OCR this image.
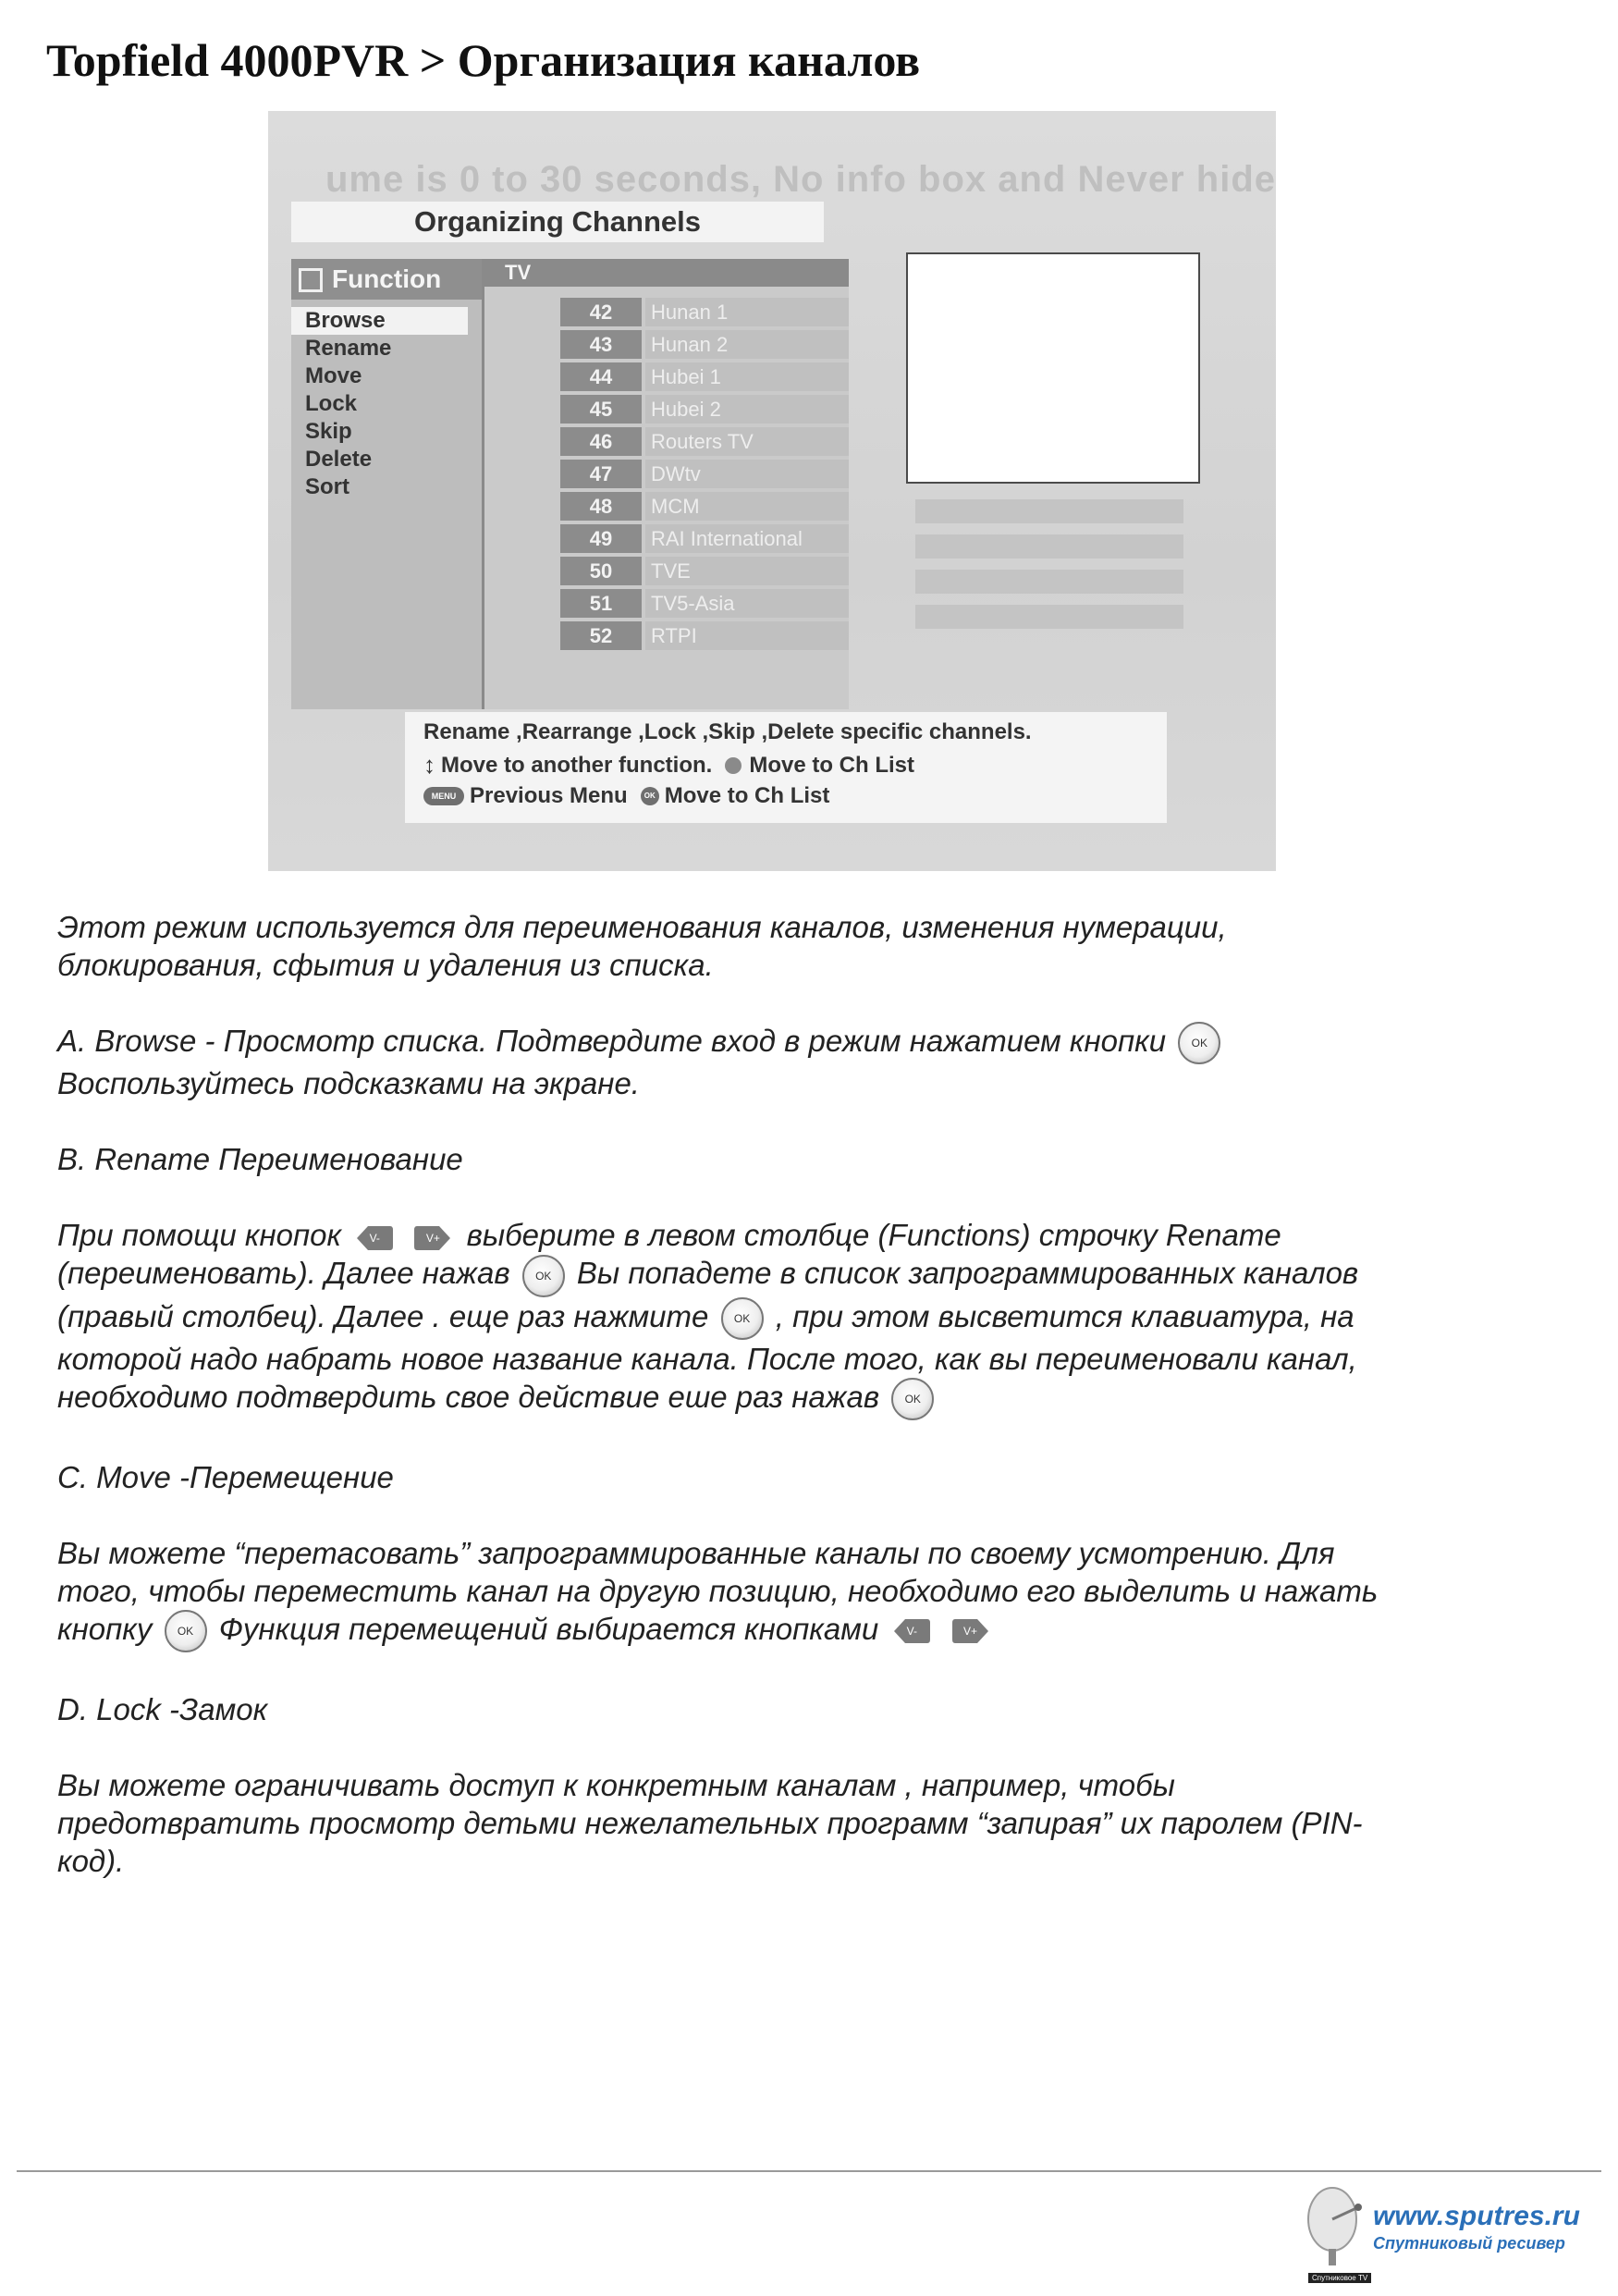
Topfield 4000PVR > Организация каналов
ume is 0 to 30 seconds, No info box and Never hide
Organizing Channels
Function
Browse
Rename
Move
Lock
Skip
Delete
Sort
TV
42	Hunan 1
43	Hunan 2
44	Hubei 1
45	Hubei 2
46	Routers TV
47	DWtv
48	MCM
49	RAI International
50	TVE
51	TV5-Asia
52	RTPI
Rename ,Rearrange ,Lock ,Skip ,Delete specific channels.
↕ Move to another function. Move to Ch List
MENU Previous Menu OK Move to Ch List

Этот режим используется для переименования каналов, изменения нумерации,

блокирования, сфытия и удаления из списка.

A. Browse - Просмотр списка. Подтвердите вход в режим нажатием кнопки OK

Воспользуйтесь подсказками на экране.

B. Rename Переименование

При помощи кнопок	V-
	V+ выберите в левом столбце (Functions) строчку Rename

(переименовать). Далее нажав OK Вы попадете в список запрограммированных каналов

(правый столбец). Далее . еще раз нажмите OK , при этом высветится клавиатура, на

которой надо набрать новое название канала. После того, как вы переименовали канал,

необходимо подтвердить свое действие еше раз нажав OK

C. Move -Перемещение

Вы можете “перетасовать” запрограммированные каналы по своему усмотрению. Для

того, чтобы переместить канал на другую позицию, необходимо его выделить и нажать

кнопку OK Функция перемещений выбирается кнопками	V-
	V+

D. Lock -Замок

Вы можете ограничивать доступ к конкретным каналам , например, чтобы

предотвратить просмотр детьми нежелательных программ “запирая” их паролем (PIN-

код).

www.sputres.ru
Спутниковый ресивер
Спутниковое TV
